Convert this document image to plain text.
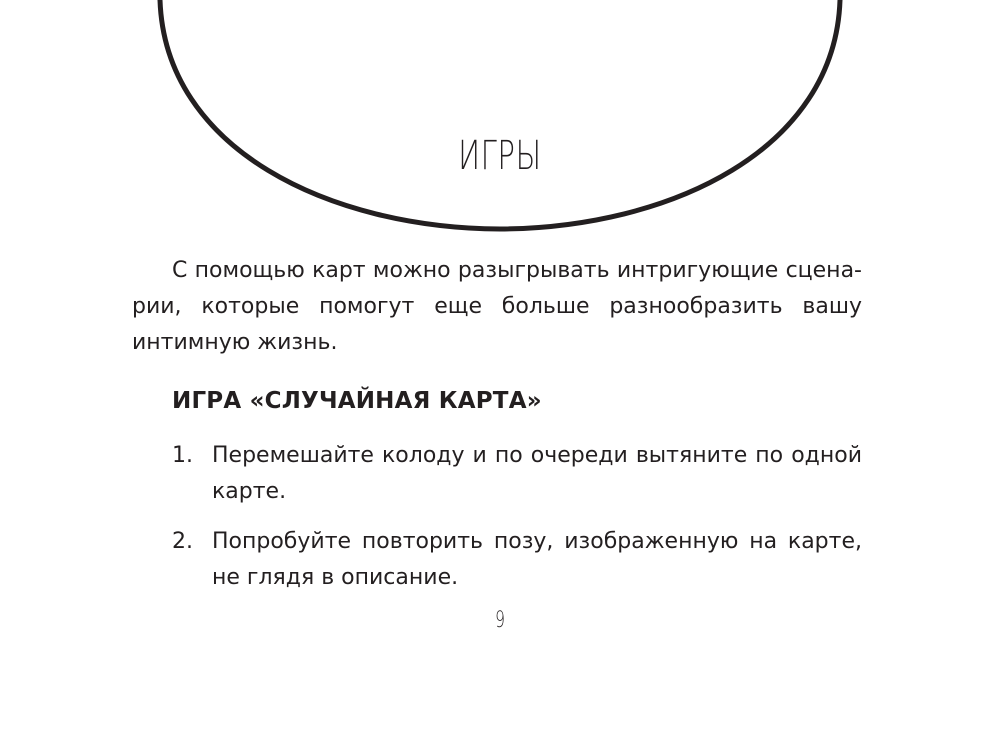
ИГРЫ

С помощью карт можно разыгрывать интригующие сценарии, которые помогут еще больше разнообразить вашу интимную жизнь.

ИГРА «СЛУЧАЙНАЯ КАРТА»
1. Перемешайте колоду и по очереди вытяните по одной карте.
2. Попробуйте повторить позу, изображенную на карте, не глядя в описание.
9
